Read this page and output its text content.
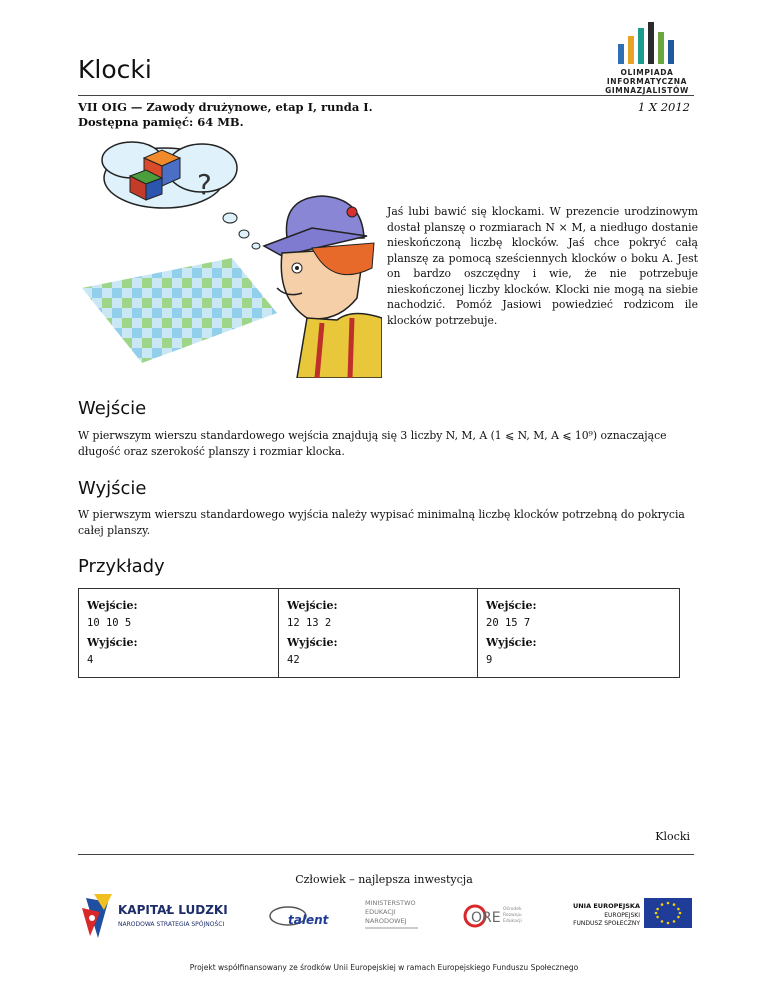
Klocki	OLIMPIADA
INFORMATYCZNA
GIMNAZJALISTÓW
VII OIG — Zawody drużynowe, etap I, runda I.
Dostępna pamięć: 64 MB.
1 X 2012
?
Jaś lubi bawić się klockami. W prezencie urodzinowym dostał planszę o rozmiarach N × M, a niedługo dostanie nieskończoną liczbę klocków. Jaś chce pokryć całą planszę za pomocą sześciennych klocków o boku A. Jest on bardzo oszczędny i wie, że nie potrzebuje nieskończonej liczby klocków. Klocki nie mogą na siebie nachodzić. Pomóż Jasiowi powiedzieć rodzicom ile klocków potrzebuje.
Wejście
W pierwszym wierszu standardowego wejścia znajdują się 3 liczby N, M, A (1 ⩽ N, M, A ⩽ 10⁹) oznaczające długość oraz szerokość planszy i rozmiar klocka.
Wyjście
W pierwszym wierszu standardowego wyjścia należy wypisać minimalną liczbę klocków potrzebną do pokrycia całej planszy.
Przykłady
Wejście:
10 10 5
Wyjście:
4
Wejście:
12 13 2
Wyjście:
42
Wejście:
20 15 7
Wyjście:
9
Klocki
Człowiek – najlepsza inwestycja
KAPITAŁ LUDZKI
NARODOWA STRATEGIA SPÓJNOŚCI	talent
MINISTERSTWO
EDUKACJI
NARODOWEJ	ORE
Ośrodek
Rozwoju
Edukacji
UNIA EUROPEJSKA
EUROPEJSKI
FUNDUSZ SPOŁECZNY
Projekt współfinansowany ze środków Unii Europejskiej w ramach Europejskiego Funduszu Społecznego
